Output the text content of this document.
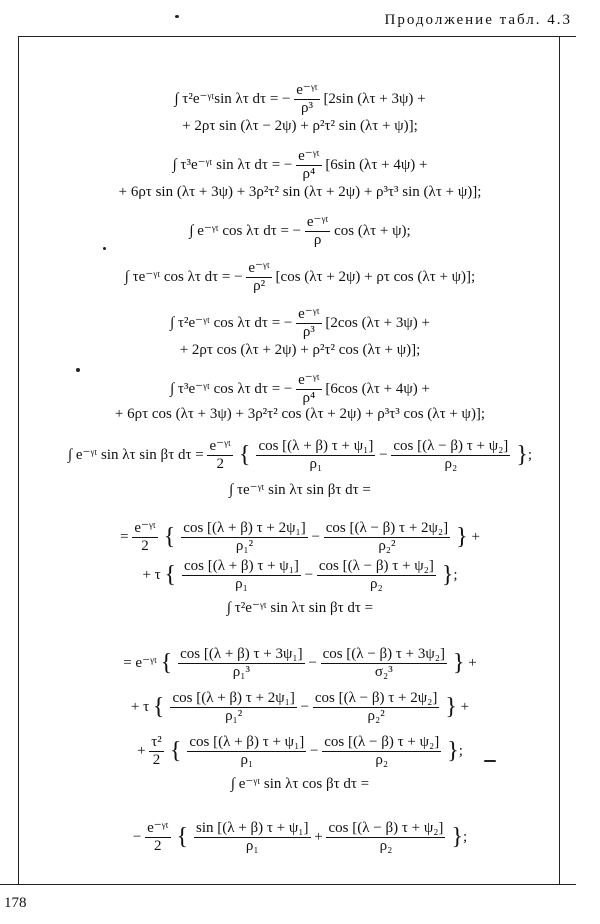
Продолжение табл. 4.3
∫ τ²e⁻ᵞᵗsin λτ dτ = − $\frac{\text{e⁻ᵞᵗ}}{\text{ρ³}} [2\sin$ (λτ + 3ψ) +
+ 2ρτ sin (λτ − 2ψ) + ρ²τ² sin (λτ + ψ)];
∫ τ³e⁻ᵞᵗ sin λτ dτ = − $\frac{\text{e⁻ᵞᵗ}}{\text{ρ⁴}} [6\sin$ (λτ + 4ψ) +
+ 6ρτ sin (λτ + 3ψ) + 3ρ²τ² sin (λτ + 2ψ) + ρ³τ³ sin (λτ + ψ)];
∫ e⁻ᵞᵗ cos λτ dτ = − $\frac{\text{e⁻ᵞᵗ}}{\rho}$ cos (λτ + ψ);
∫ τe⁻ᵞᵗ cos λτ dτ = − $\frac{\text{e⁻ᵞᵗ}}{\text{ρ²}} [\cos$ (λτ + 2ψ) + ρτ cos (λτ + ψ)];
∫ τ²e⁻ᵞᵗ cos λτ dτ = − $\frac{\text{e⁻ᵞᵗ}}{\text{ρ³}} [2\cos$ (λτ + 3ψ) +
+ 2ρτ cos (λτ + 2ψ) + ρ²τ² cos (λτ + ψ)];
∫ τ³e⁻ᵞᵗ cos λτ dτ = − $\frac{\text{e⁻ᵞᵗ}}{\text{ρ⁴}} [6\cos$ (λτ + 4ψ) +
+ 6ρτ cos (λτ + 3ψ) + 3ρ²τ² cos (λτ + 2ψ) + ρ³τ³ cos (λτ + ψ)];
∫ e⁻ᵞᵗ sin λτ sin βτ $d\tau = \frac{\text{e⁻ᵞᵗ}}{2}$ { $\frac{\text{cos [(λ + β) τ + ψ₁]}}{\text{ρ₁}} - \frac{\text{cos [(λ − β) τ + ψ₂]}}{\text{ρ₂}}$ };
∫ τe⁻ᵞᵗ sin λτ sin βτ dτ =
= $\frac{\text{e⁻ᵞᵗ}}{2}$ { $\frac{\text{cos [(λ + β) τ + 2ψ₁]}}{\text{ρ₁²}} - \frac{\text{cos [(λ − β) τ + 2ψ₂]}}{\text{ρ₂²}}$ } +
+ τ { $\frac{\text{cos [(λ + β) τ + ψ₁]}}{\text{ρ₁}} - \frac{\text{cos [(λ − β) τ + ψ₂]}}{\text{ρ₂}}$ };
∫ τ²e⁻ᵞᵗ sin λτ sin βτ dτ =
= e⁻ᵞᵗ { $\frac{\text{cos [(λ + β) τ + 3ψ₁]}}{\text{ρ₁³}} - \frac{\text{cos [(λ − β) τ + 3ψ₂]}}{\text{σ₂³}}$ } +
+ τ { $\frac{\text{cos [(λ + β) τ + 2ψ₁]}}{\text{ρ₁²}} - \frac{\text{cos [(λ − β) τ + 2ψ₂]}}{\text{ρ₂²}}$ } +
+ $\frac{\text{τ²}}{2}$ { $\frac{\text{cos [(λ + β) τ + ψ₁]}}{\text{ρ₁}} - \frac{\text{cos [(λ − β) τ + ψ₂]}}{\text{ρ₂}}$ };
∫ e⁻ᵞᵗ sin λτ cos βτ dτ =
− $\frac{\text{e⁻ᵞᵗ}}{2}$ { $\frac{\text{sin [(λ + β) τ + ψ₁]}}{\text{ρ₁}} + \frac{\text{cos [(λ − β) τ + ψ₂]}}{\text{ρ₂}}$ };
178
